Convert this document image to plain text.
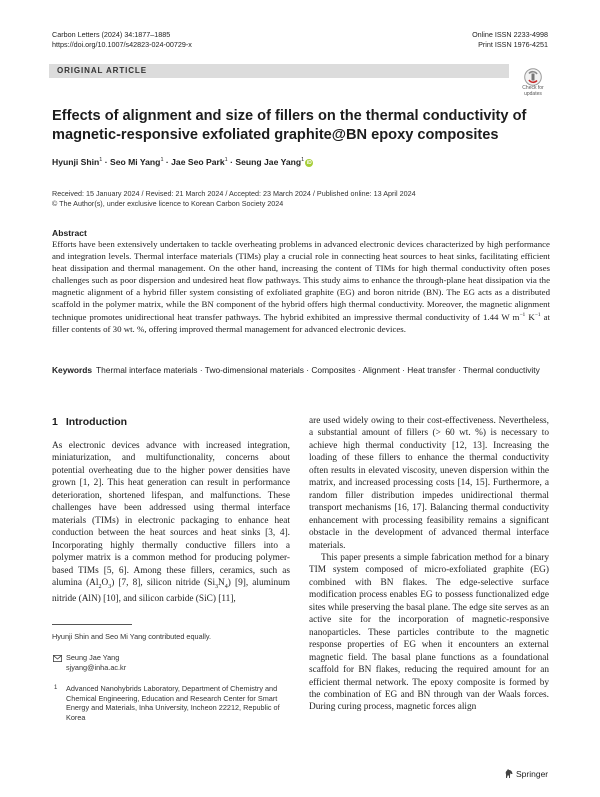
Carbon Letters (2024) 34:1877–1885
https://doi.org/10.1007/s42823-024-00729-x
Online ISSN 2233-4998
Print ISSN 1976-4251
ORIGINAL ARTICLE
Check for
updates
Effects of alignment and size of fillers on the thermal conductivity of magnetic-responsive exfoliated graphite@BN epoxy composites
Hyunji Shin$^1$ · Seo Mi Yang$^1$ · Jae Seo Park$^1$ · Seung Jae Yang$^1$ iD
Received: 15 January 2024 / Revised: 21 March 2024 / Accepted: 23 March 2024 / Published online: 13 April 2024
© The Author(s), under exclusive licence to Korean Carbon Society 2024
Abstract
Efforts have been extensively undertaken to tackle overheating problems in advanced electronic devices characterized by high performance and integration levels. Thermal interface materials (TIMs) play a crucial role in connecting heat sources to heat sinks, facilitating efficient heat dissipation and thermal management. On the other hand, increasing the content of TIMs for high thermal conductivity often poses challenges such as poor dispersion and undesired heat flow pathways. This study aims to enhance the through-plane heat dissipation via the magnetic alignment of a hybrid filler system consisting of exfoliated graphite (EG) and boron nitride (BN). The EG acts as a distributed scaffold in the polymer matrix, while the BN component of the hybrid offers high thermal conductivity. Moreover, the magnetic alignment technique promotes unidirectional heat transfer pathways. The hybrid exhibited an impressive thermal conductivity of 1.44 W $m^{-1}$ $K^{-1}$ at filler contents of 30 wt. %, offering improved thermal management for advanced electronic devices.
Keywords Thermal interface materials · Two-dimensional materials · Composites · Alignment · Heat transfer · Thermal conductivity
1 Introduction

As electronic devices advance with increased integration, miniaturization, and multifunctionality, concerns about potential overheating due to the higher power densities have grown [1, 2]. This heat generation can result in performance deterioration, shortened lifespan, and malfunctions. These challenges have been addressed using thermal interface materials (TIMs) in electronic packaging to enhance heat conduction between the heat sources and heat sinks [3, 4]. Incorporating highly thermally conductive fillers into a polymer matrix is a common method for producing polymer-based TIMs [5, 6]. Among these fillers, ceramics, such as alumina $(Al_2O_3)$ [7, 8], silicon nitride $(Si_3N_4)$ [9], aluminum nitride (AlN) [10], and silicon carbide (SiC) [11],

are used widely owing to their cost-effectiveness. Nevertheless, a substantial amount of fillers (> 60 wt. %) is necessary to achieve high thermal conductivity [12, 13]. Increasing the loading of these fillers to enhance the thermal conductivity often results in elevated viscosity, uneven dispersion within the matrix, and increased processing costs [14, 15]. Furthermore, a random filler distribution impedes unidirectional thermal transport mechanisms [16, 17]. Balancing thermal conductivity enhancement with processing feasibility remains a significant obstacle in the development of advanced thermal interface materials.

This paper presents a simple fabrication method for a binary TIM system composed of micro-exfoliated graphite (EG) combined with BN flakes. The edge-selective surface modification process enables EG to possess functionalized edge sites while preserving the basal plane. The edge site serves as an active site for the incorporation of magnetic-responsive nanoparticles. These particles contribute to the magnetic response properties of EG when it encounters an external magnetic field. The basal plane functions as a foundational scaffold for BN flakes, reducing the required amount for an efficient thermal network. The epoxy composite is formed by the combination of EG and BN through van der Waals forces. During curing process, magnetic forces align

Hyunji Shin and Seo Mi Yang contributed equally.
Seung Jae Yang
sjyang@inha.ac.kr
1 Advanced Nanohybrids Laboratory, Department of Chemistry and Chemical Engineering, Education and Research Center for Smart Energy and Materials, Inha University, Incheon 22212, Republic of Korea
Springer
